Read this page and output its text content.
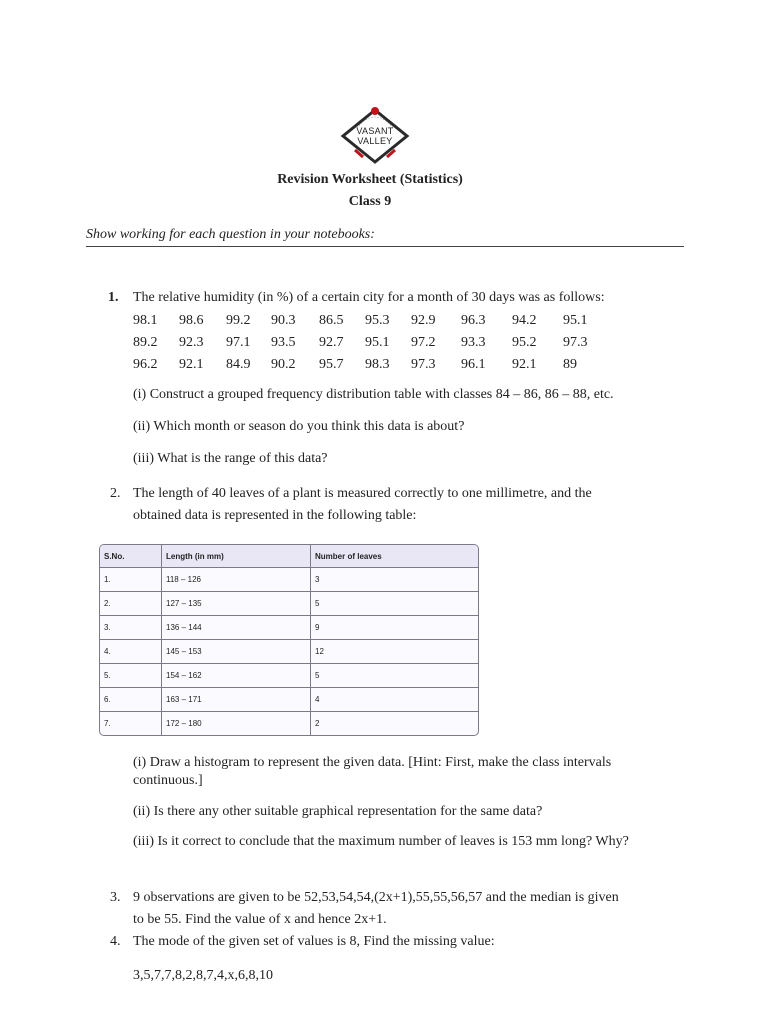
VASANT
VALLEY
Revision Worksheet (Statistics)
Class 9
Show working for each question in your notebooks:
1. The relative humidity (in %) of a certain city for a month of 30 days was as follows:
98.1 98.6 99.2 90.3 86.5 95.3 92.9 96.3 94.2 95.1
89.2 92.3 97.1 93.5 92.7 95.1 97.2 93.3 95.2 97.3
96.2 92.1 84.9 90.2 95.7 98.3 97.3 96.1 92.1 89
(i) Construct a grouped frequency distribution table with classes 84 – 86, 86 – 88, etc.
(ii) Which month or season do you think this data is about?
(iii) What is the range of this data?
2. The length of 40 leaves of a plant is measured correctly to one millimetre, and the
obtained data is represented in the following table:
S.No.	Length (in mm)	Number of leaves
1.	118 – 126	3
2.	127 – 135	5
3.	136 – 144	9
4.	145 – 153	12
5.	154 – 162	5
6.	163 – 171	4
7.	172 – 180	2
(i) Draw a histogram to represent the given data. [Hint: First, make the class intervals continuous.]
(ii) Is there any other suitable graphical representation for the same data?
(iii) Is it correct to conclude that the maximum number of leaves is 153 mm long? Why?
3. 9 observations are given to be 52,53,54,54,(2x+1),55,55,56,57 and the median is given
to be 55. Find the value of x and hence 2x+1.
4. The mode of the given set of values is 8, Find the missing value:
3,5,7,7,8,2,8,7,4,x,6,8,10
